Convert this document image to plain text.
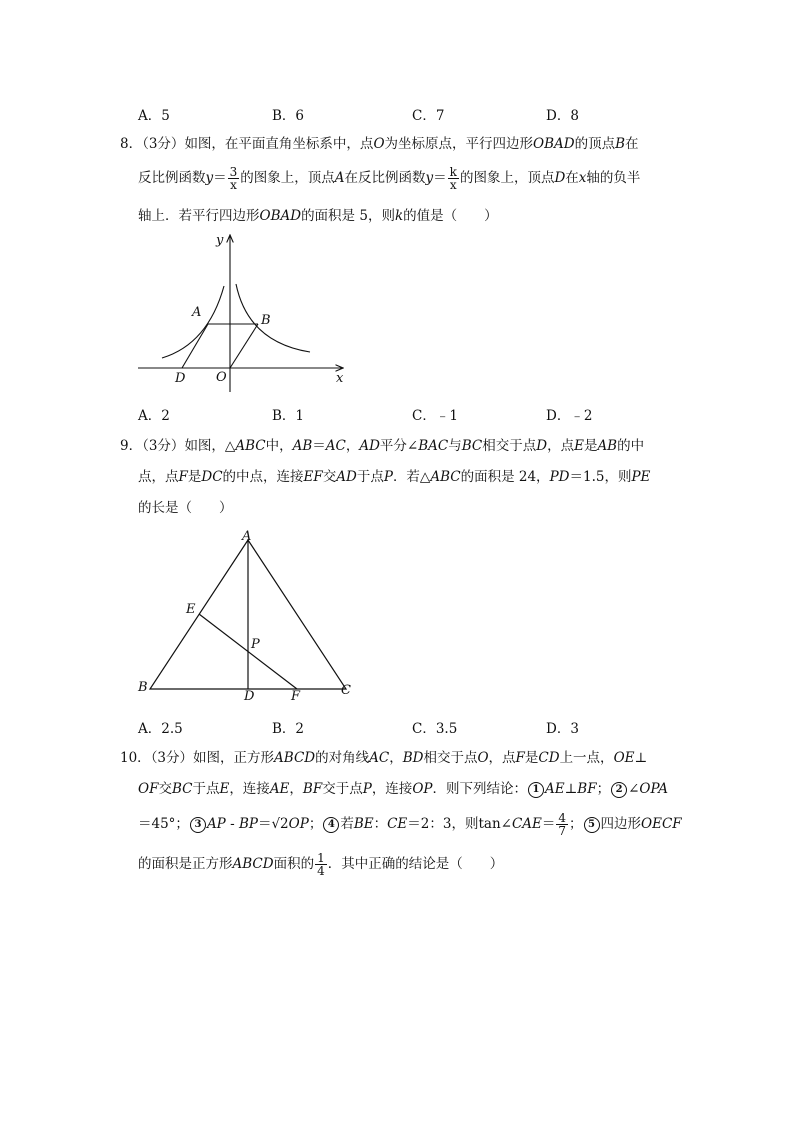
A．5	B．6	C．7	D．8
8．（3分）如图，在平面直角坐标系中，点O为坐标原点，平行四边形OBAD的顶点B在
反比例函数$y= \frac{3}{x}$ 的图象上，顶点A在反比例函数$y= \frac{k}{x}$ 的图象上，顶点D在x轴的负半
轴上．若平行四边形OBAD的面积是 5，则k的值是（　　）
y
x
A
B
D O
A．2	B．1	C．﹣1	D．﹣2
9．（3分）如图，△ABC中，AB＝AC，AD平分∠BAC与BC相交于点D，点E是AB的中
点，点F是DC的中点，连接EF交AD于点P．若△ABC的面积是 24，PD＝1.5，则PE
的长是（　　）
A
B	C
D
E
F
P
A．2.5	B．2	C．3.5	D．3
10．（3分）如图，正方形ABCD的对角线AC，BD相交于点O，点F是CD上一点，OE⊥
OF交BC于点E，连接AE，BF交于点P，连接OP．则下列结论： 1 AE⊥BF； 2 ∠OPA
＝45°； 3 AP - BP＝√2OP； 4 若BE：CE＝2：3，则tan∠CAE＝ $\frac{4}{7}$ ； 5 四边形OECF
的面积是正方形ABCD面积的 $\frac{1}{4}$ ．其中正确的结论是（　　）
